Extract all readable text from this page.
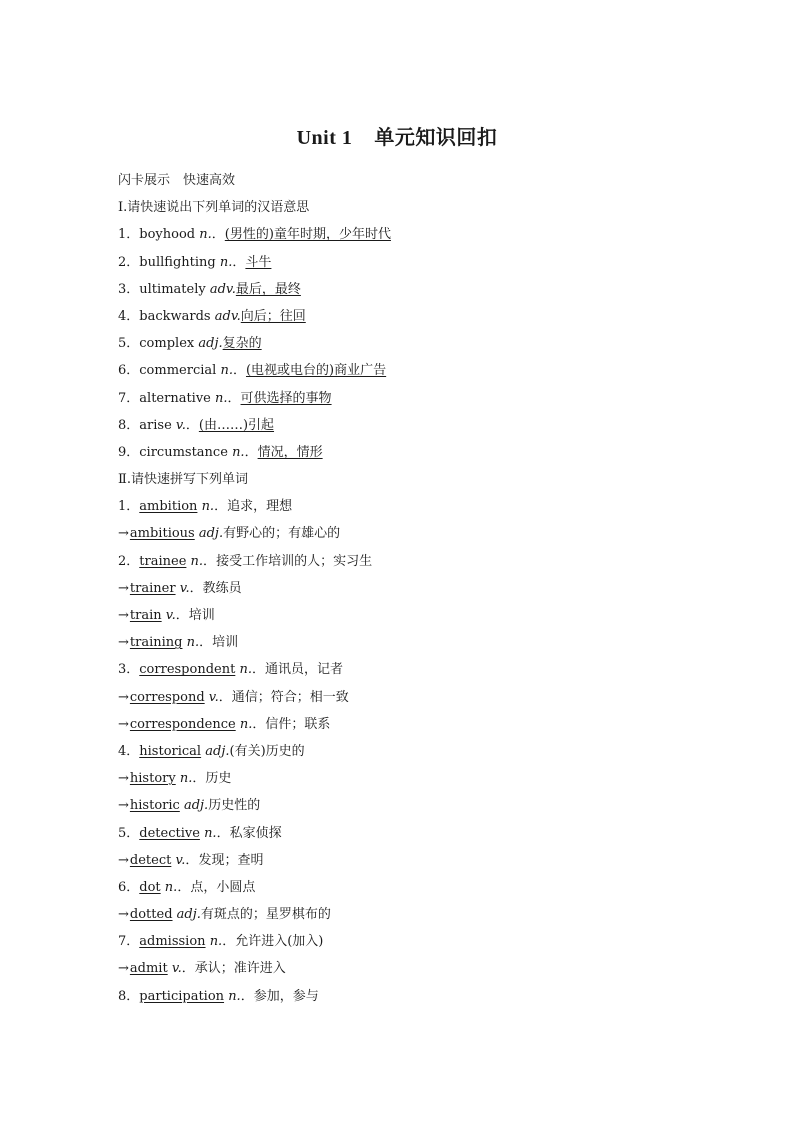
Unit 1 单元知识回扣
闪卡展示　快速高效
Ⅰ.请快速说出下列单词的汉语意思
1．boyhood n.．(男性的)童年时期，少年时代
2．bullfighting n.．斗牛
3．ultimately adv.最后，最终
4．backwards adv.向后；往回
5．complex adj.复杂的
6．commercial n.．(电视或电台的)商业广告
7．alternative n.．可供选择的事物
8．arise v.．(由……)引起
9．circumstance n.．情况，情形
Ⅱ.请快速拼写下列单词
1．ambition n.．追求，理想
→ambitious adj.有野心的；有雄心的
2．trainee n.．接受工作培训的人；实习生
→trainer v.．教练员
→train v.．培训
→training n.．培训
3．correspondent n.．通讯员，记者
→correspond v.．通信；符合；相一致
→correspondence n.．信件；联系
4．historical adj.(有关)历史的
→history n.．历史
→historic adj.历史性的
5．detective n.．私家侦探
→detect v.．发现；查明
6．dot n.．点，小圆点
→dotted adj.有斑点的；星罗棋布的
7．admission n.．允许进入(加入)
→admit v.．承认；准许进入
8．participation n.．参加，参与
